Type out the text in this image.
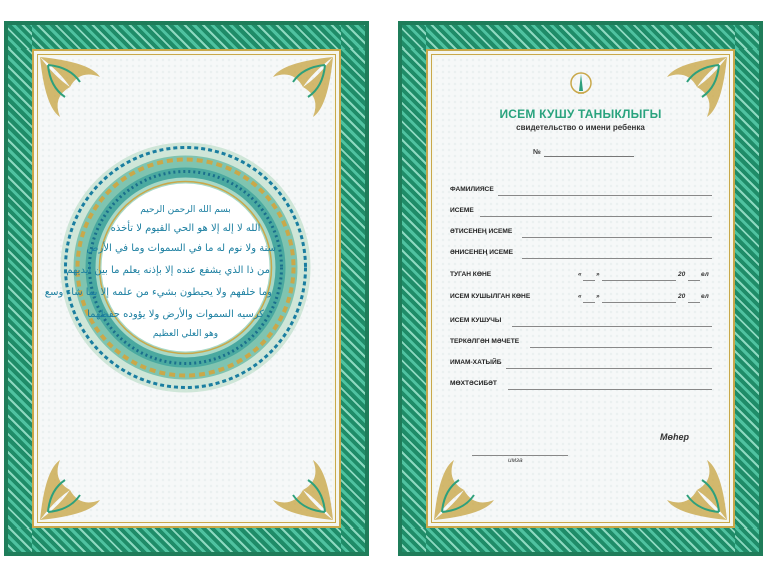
بسم الله الرحمن الرحيم
الله لا إله إلا هو الحي القيوم لا تأخذه
سنة ولا نوم له ما في السموات وما في الأرض
من ذا الذي يشفع عنده إلا بإذنه يعلم ما بين أيديهم
وما خلفهم ولا يحيطون بشيء من علمه إلا بما شاء وسع
كرسيه السموات والأرض ولا يؤوده حفظهما
وهو العلي العظيم
ИСЕМ КУШУ ТАНЫКЛЫГЫ
свидетельство о имени ребенка
№
ФАМИЛИЯСЕ
ИСЕМЕ
ӘТИСЕНЕҢ ИСЕМЕ
ӘНИСЕНЕҢ ИСЕМЕ
ТУГАН КӨНЕ	« »	20 ел
ИСЕМ КУШЫЛГАН КӨНЕ	« »	20 ел
ИСЕМ КУШУЧЫ
ТЕРКӘЛГӘН МӘЧЕТЕ
ИМАМ-ХАТЫЙБ
МӨХТӘСИБӘТ
Мөһер
имза
